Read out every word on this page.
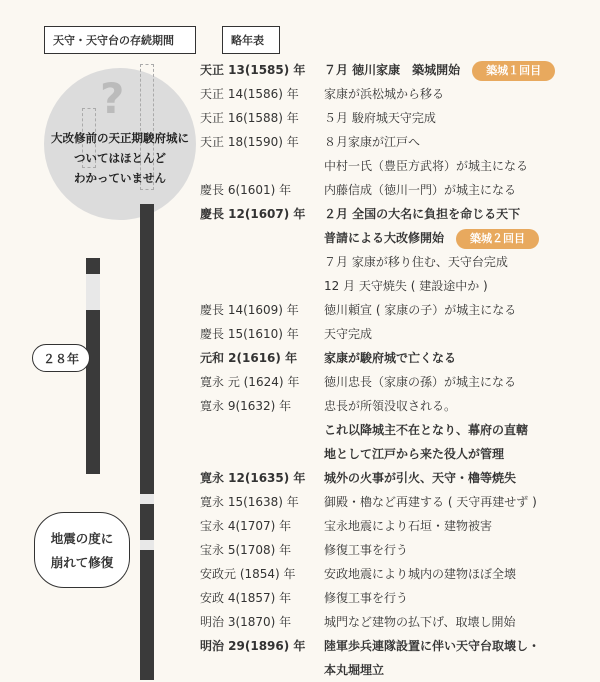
天守・天守台の存続期間	略年表
?
大改修前の天正期駿府城に
ついてはほとんど
わかっていません
２８年
地震の度に
崩れて修復
天正 13(1585) 年	７月 徳川家康　築城開始 築城１回目
天正 14(1586) 年	家康が浜松城から移る
天正 16(1588) 年	５月 駿府城天守完成
天正 18(1590) 年	８月家康が江戸へ
中村一氏（豊臣方武将）が城主になる
慶長 6(1601) 年	内藤信成（徳川一門）が城主になる
慶長 12(1607) 年	２月 全国の大名に負担を命じる天下
普請による大改修開始 築城２回目
７月 家康が移り住む、天守台完成
12 月 天守焼失 ( 建設途中か )
慶長 14(1609) 年	徳川頼宣 ( 家康の子）が城主になる
慶長 15(1610) 年	天守完成
元和 2(1616) 年	家康が駿府城で亡くなる
寛永 元 (1624) 年	徳川忠長（家康の孫）が城主になる
寛永 9(1632) 年	忠長が所領没収される。
これ以降城主不在となり、幕府の直轄
地として江戸から来た役人が管理
寛永 12(1635) 年	城外の火事が引火、天守・櫓等焼失
寛永 15(1638) 年	御殿・櫓など再建する ( 天守再建せず )
宝永 4(1707) 年	宝永地震により石垣・建物被害
宝永 5(1708) 年	修復工事を行う
安政元 (1854) 年	安政地震により城内の建物ほぼ全壊
安政 4(1857) 年	修復工事を行う
明治 3(1870) 年	城門など建物の払下げ、取壊し開始
明治 29(1896) 年	陸軍歩兵連隊設置に伴い天守台取壊し・
本丸堀埋立
